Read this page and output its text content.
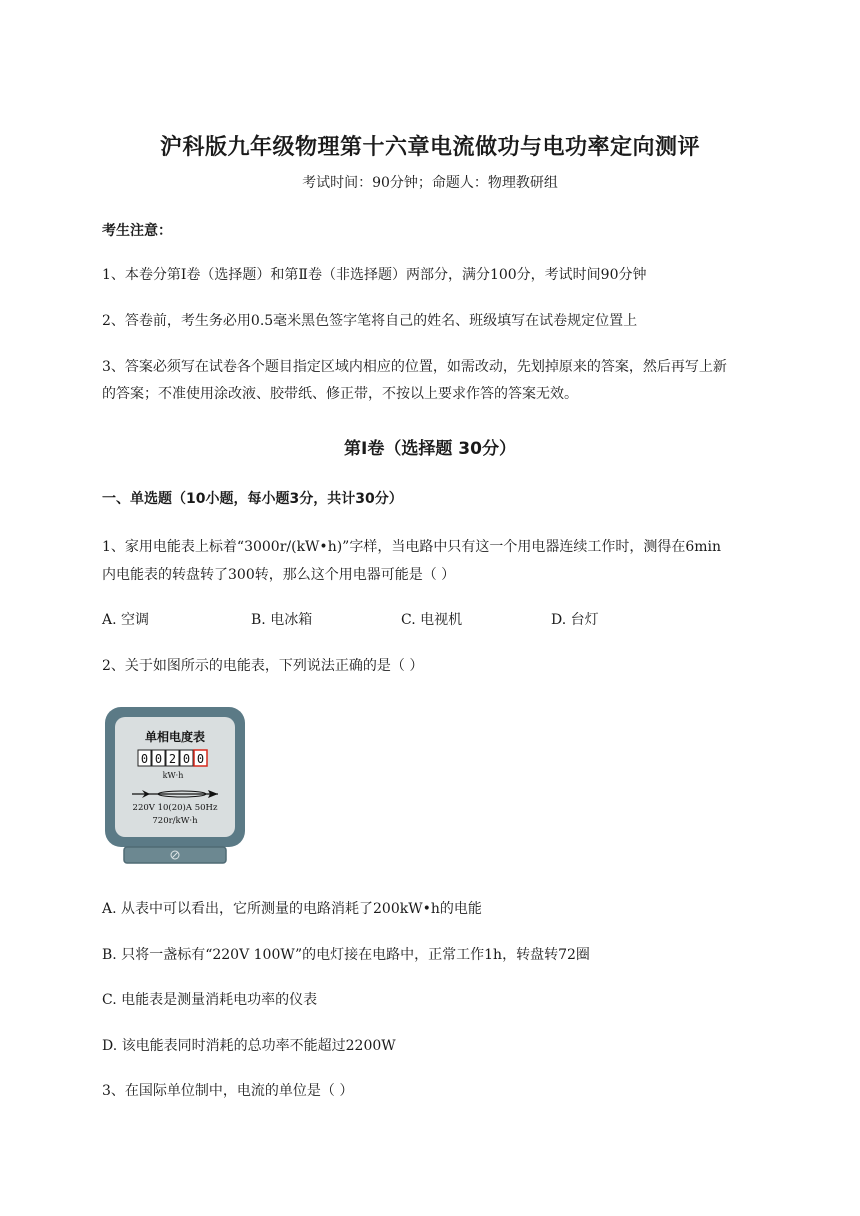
沪科版九年级物理第十六章电流做功与电功率定向测评
考试时间：90分钟；命题人：物理教研组
考生注意：
1、本卷分第Ⅰ卷（选择题）和第Ⅱ卷（非选择题）两部分，满分100分，考试时间90分钟
2、答卷前，考生务必用0.5毫米黑色签字笔将自己的姓名、班级填写在试卷规定位置上
3、答案必须写在试卷各个题目指定区域内相应的位置，如需改动，先划掉原来的答案，然后再写上新
的答案；不准使用涂改液、胶带纸、修正带，不按以上要求作答的答案无效。
第Ⅰ卷（选择题 30分）
一、单选题（10小题，每小题3分，共计30分）
1、家用电能表上标着“3000r/(kW•h)”字样，当电路中只有这一个用电器连续工作时，测得在6min
内电能表的转盘转了300转，那么这个用电器可能是（ ）
A. 空调	B. 电冰箱	C. 电视机	D. 台灯
2、关于如图所示的电能表，下列说法正确的是（ ）
单相电度表
0 0 2 0 0
kW·h
220V 10(20)A 50Hz
720r/kW·h
A. 从表中可以看出，它所测量的电路消耗了200kW•h的电能
B. 只将一盏标有“220V 100W”的电灯接在电路中，正常工作1h，转盘转72圈
C. 电能表是测量消耗电功率的仪表
D. 该电能表同时消耗的总功率不能超过2200W
3、在国际单位制中，电流的单位是（ ）
